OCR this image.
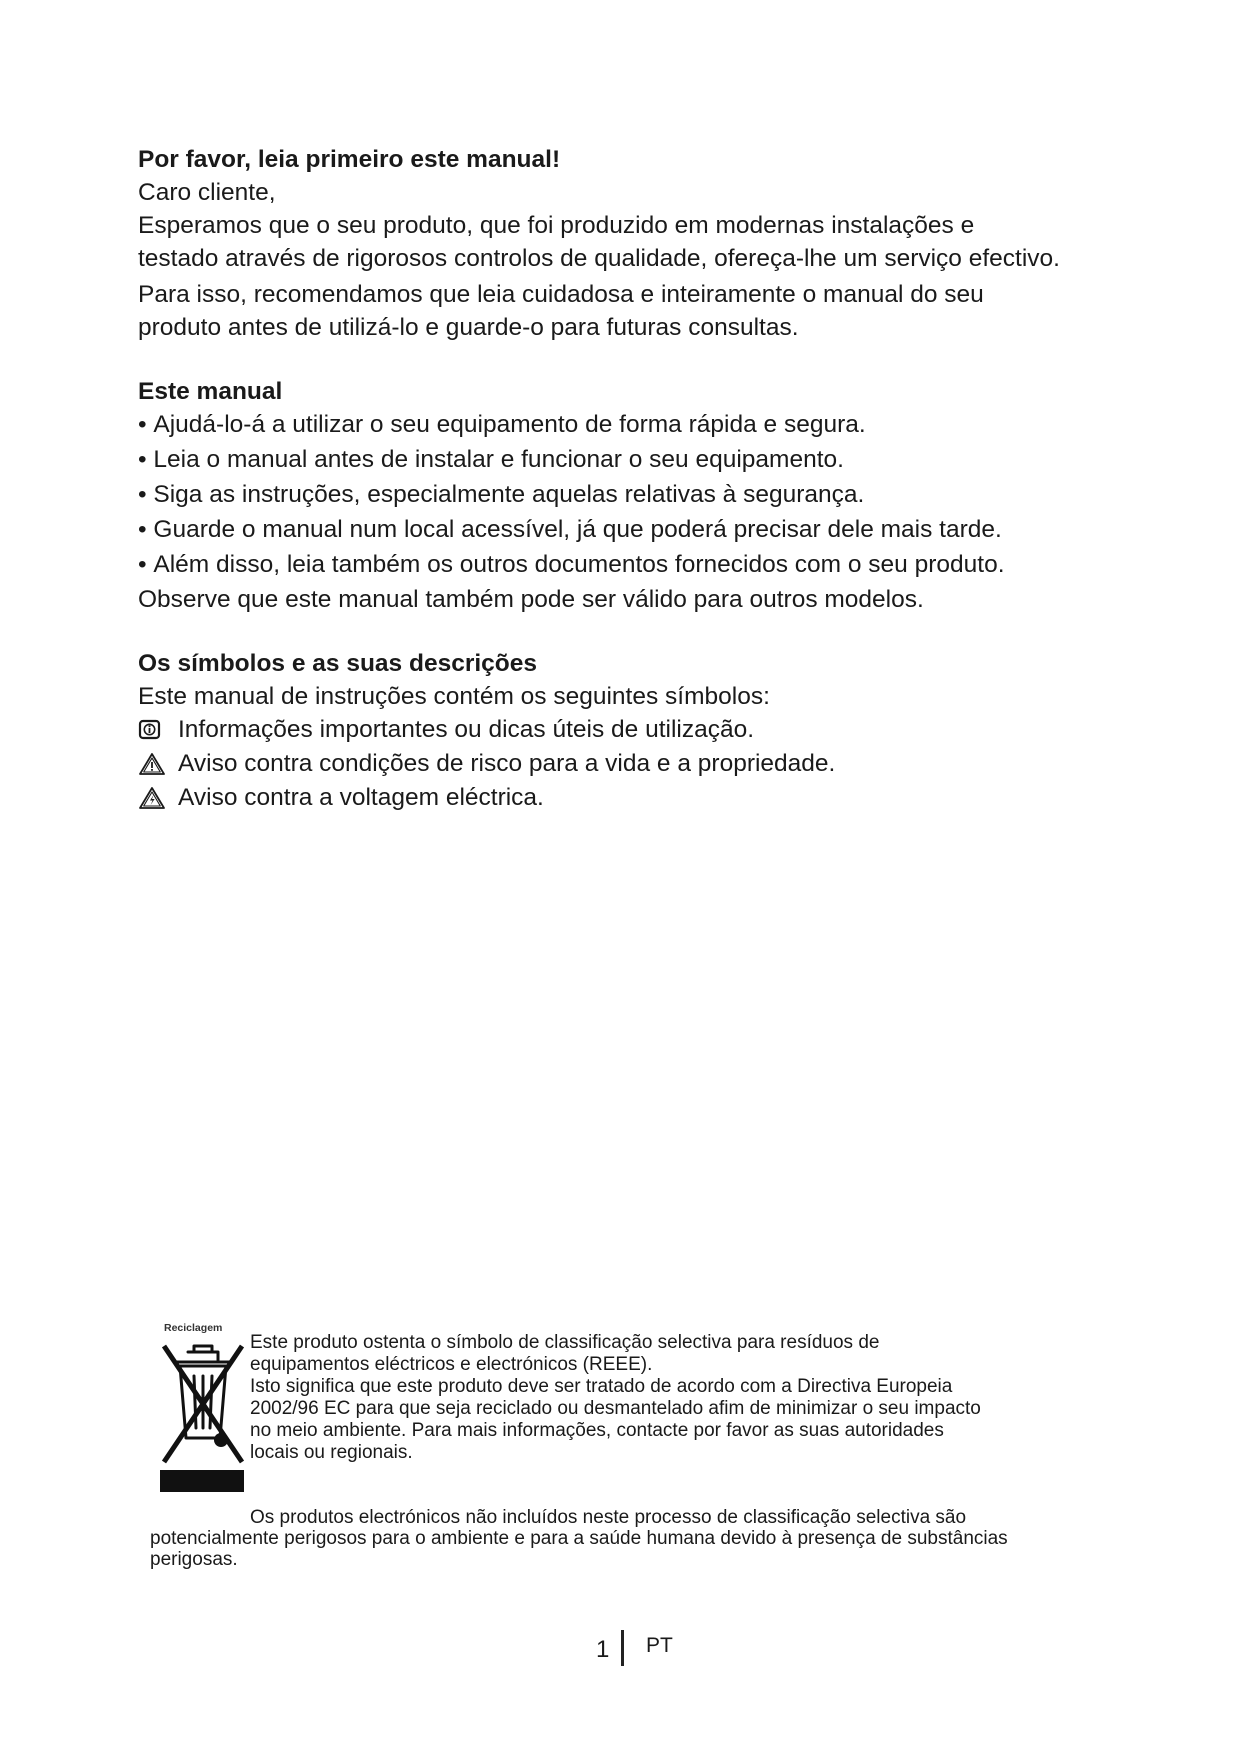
Por favor, leia primeiro este manual!

Caro cliente,

Esperamos que o seu produto, que foi produzido em modernas instalações e

testado através de rigorosos controlos de qualidade, ofereça-lhe um serviço efectivo.

Para isso, recomendamos que leia cuidadosa e inteiramente o manual do seu

produto antes de utilizá-lo e guarde-o para futuras consultas.

Este manual

• Ajudá-lo-á a utilizar o seu equipamento de forma rápida e segura.

• Leia o manual antes de instalar e funcionar o seu equipamento.

• Siga as instruções, especialmente aquelas relativas à segurança.

• Guarde o manual num local acessível, já que poderá precisar dele mais tarde.

• Além disso, leia também os outros documentos fornecidos com o seu produto.

Observe que este manual também pode ser válido para outros modelos.

Os símbolos e as suas descrições

Este manual de instruções contém os seguintes símbolos:

Informações importantes ou dicas úteis de utilização.

Aviso contra condições de risco para a vida e a propriedade.

Aviso contra a voltagem eléctrica.

Reciclagem

Este produto ostenta o símbolo de classificação selectiva para resíduos de

equipamentos eléctricos e electrónicos (REEE).

Isto significa que este produto deve ser tratado de acordo com a Directiva Europeia

2002/96 EC para que seja reciclado ou desmantelado afim de minimizar o seu impacto

no meio ambiente. Para mais informações, contacte por favor as suas autoridades

locais ou regionais.

Os produtos electrónicos não incluídos neste processo de classificação selectiva são potencialmente perigosos para o ambiente e para a saúde humana devido à presença de substâncias perigosas.

1 PT
